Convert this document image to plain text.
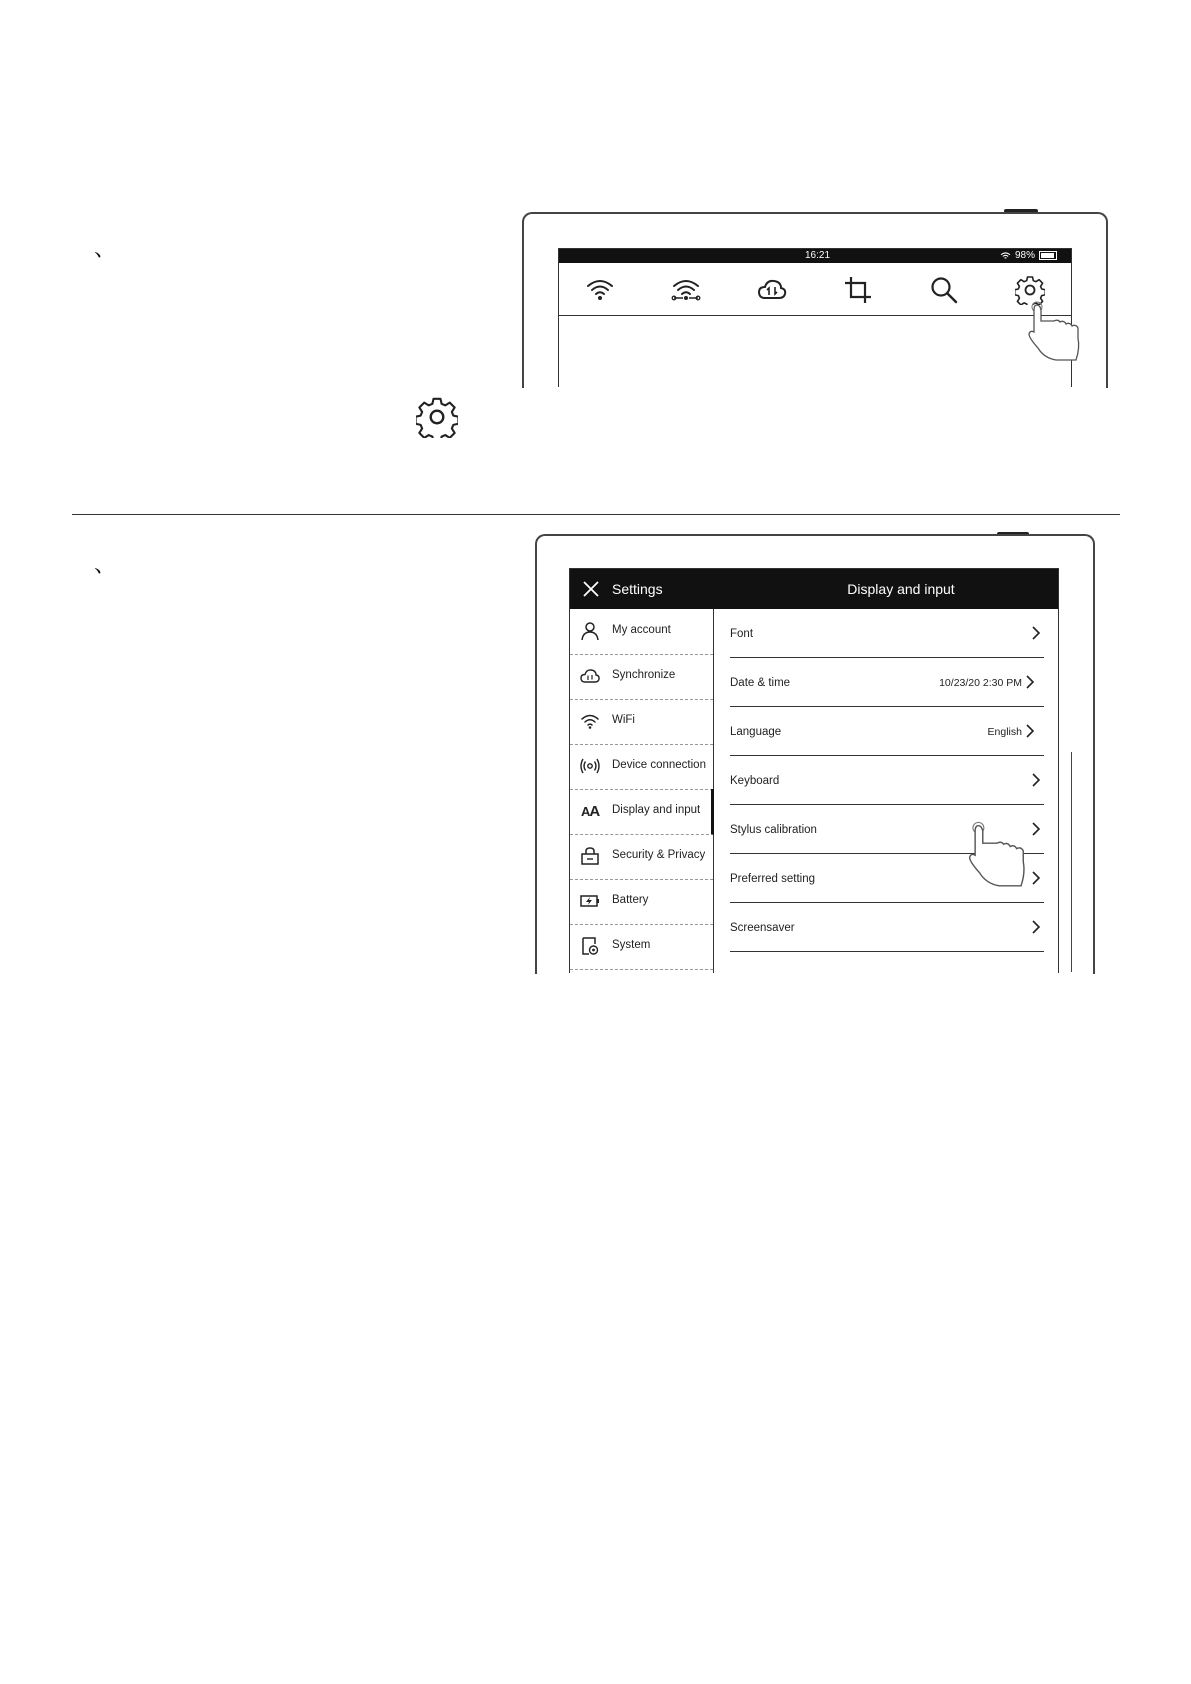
、
、
16:21	98%
Settings	Display and input
My account
Synchronize
WiFi
Device connection
AA Display and input
Security & Privacy
Battery
System
Font
Date & time	10/23/20 2:30 PM
Language	English
Keyboard
Stylus calibration
Preferred setting
Screensaver
